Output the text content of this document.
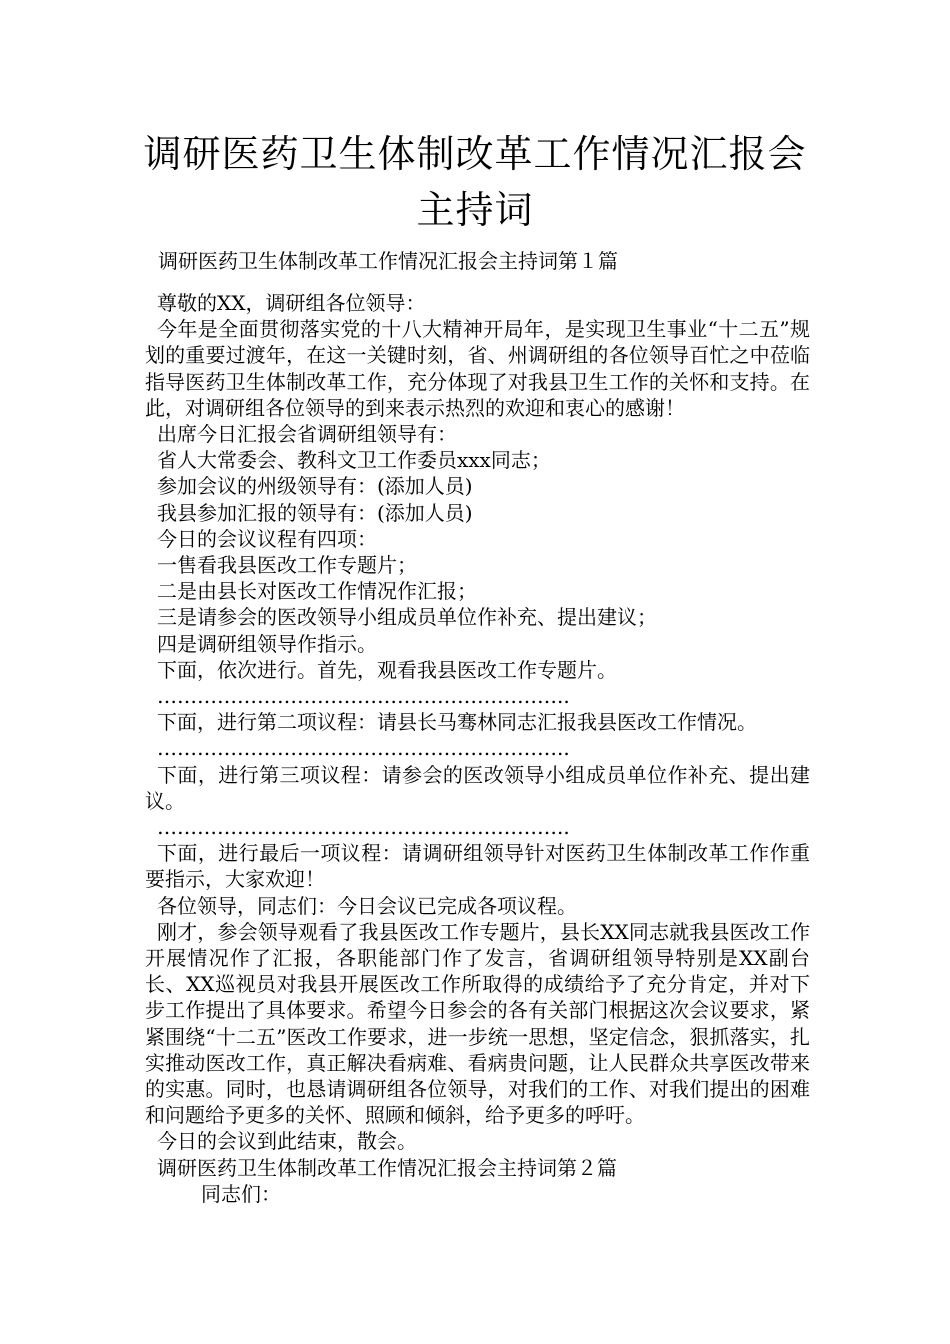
调研医药卫生体制改革工作情况汇报会主持词
调研医药卫生体制改革工作情况汇报会主持词第１篇

尊敬的XX，调研组各位领导：

今年是全面贯彻落实党的十八大精神开局年，是实现卫生事业“十二五”规划的重要过渡年，在这一关键时刻，省、州调研组的各位领导百忙之中莅临指导医药卫生体制改革工作，充分体现了对我县卫生工作的关怀和支持。在此，对调研组各位领导的到来表示热烈的欢迎和衷心的感谢！

出席今日汇报会省调研组领导有：

省人大常委会、教科文卫工作委员xxx同志；

参加会议的州级领导有：(添加人员)

我县参加汇报的领导有：(添加人员)

今日的会议议程有四项：

一售看我县医改工作专题片；

二是由县长对医改工作情况作汇报；

三是请参会的医改领导小组成员单位作补充、提出建议；

四是调研组领导作指示。

下面，依次进行。首先，观看我县医改工作专题片。

……………………………………………………..

下面，进行第二项议程：请县长马骞林同志汇报我县医改工作情况。

……………………………………………………..

下面，进行第三项议程：请参会的医改领导小组成员单位作补充、提出建议。

……………………………………………………..

下面，进行最后一项议程：请调研组领导针对医药卫生体制改革工作作重要指示，大家欢迎！

各位领导，同志们：今日会议已完成各项议程。

刚才，参会领导观看了我县医改工作专题片，县长XX同志就我县医改工作开展情况作了汇报，各职能部门作了发言，省调研组领导特别是XX副台长、XX巡视员对我县开展医改工作所取得的成绩给予了充分肯定，并对下步工作提出了具体要求。希望今日参会的各有关部门根据这次会议要求，紧紧围绕“十二五”医改工作要求，进一步统一思想，坚定信念，狠抓落实，扎实推动医改工作，真正解决看病难、看病贵问题，让人民群众共享医改带来的实惠。同时，也恳请调研组各位领导，对我们的工作、对我们提出的困难和问题给予更多的关怀、照顾和倾斜，给予更多的呼吁。

今日的会议到此结束，散会。

调研医药卫生体制改革工作情况汇报会主持词第２篇

同志们：
